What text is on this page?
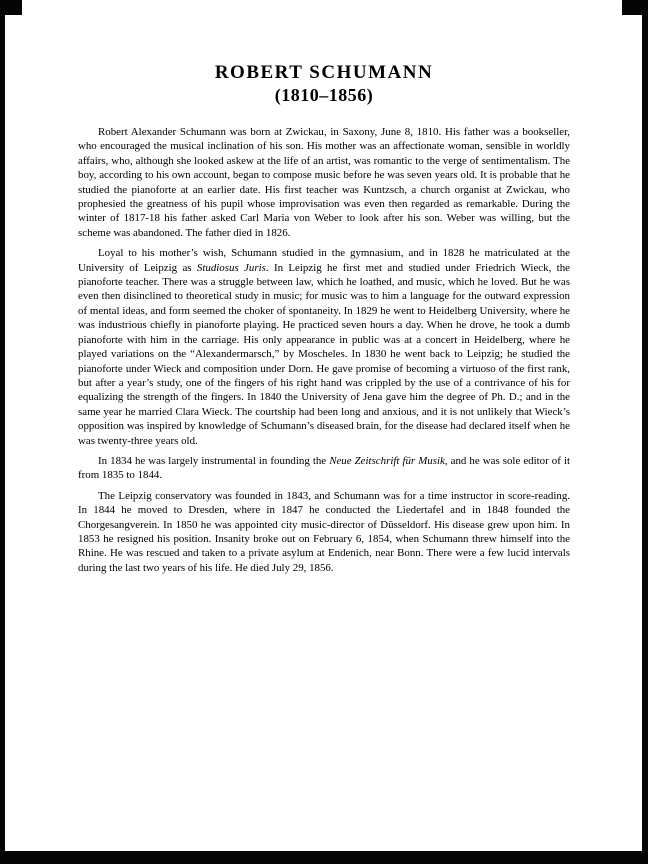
ROBERT SCHUMANN
(1810–1856)

Robert Alexander Schumann was born at Zwickau, in Saxony, June 8, 1810. His father was a bookseller, who encouraged the musical inclination of his son. His mother was an affectionate woman, sensible in worldly affairs, who, although she looked askew at the life of an artist, was romantic to the verge of sentimentalism. The boy, according to his own account, began to compose music before he was seven years old. It is probable that he studied the pianoforte at an earlier date. His first teacher was Kuntzsch, a church organist at Zwickau, who prophesied the greatness of his pupil whose improvisation was even then regarded as remarkable. During the winter of 1817-18 his father asked Carl Maria von Weber to look after his son. Weber was willing, but the scheme was abandoned. The father died in 1826.

Loyal to his mother’s wish, Schumann studied in the gymnasium, and in 1828 he matriculated at the University of Leipzig as Studiosus Juris. In Leipzig he first met and studied under Friedrich Wieck, the pianoforte teacher. There was a struggle between law, which he loathed, and music, which he loved. But he was even then disinclined to theoretical study in music; for music was to him a language for the outward expression of mental ideas, and form seemed the choker of spontaneity. In 1829 he went to Heidelberg University, where he was industrious chiefly in pianoforte playing. He practiced seven hours a day. When he drove, he took a dumb pianoforte with him in the carriage. His only appearance in public was at a concert in Heidelberg, where he played variations on the “Alexandermarsch,” by Moscheles. In 1830 he went back to Leipzig; he studied the pianoforte under Wieck and composition under Dorn. He gave promise of becoming a virtuoso of the first rank, but after a year’s study, one of the fingers of his right hand was crippled by the use of a contrivance of his for equalizing the strength of the fingers. In 1840 the University of Jena gave him the degree of Ph. D.; and in the same year he married Clara Wieck. The courtship had been long and anxious, and it is not unlikely that Wieck’s opposition was inspired by knowledge of Schumann’s diseased brain, for the disease had declared itself when he was twenty-three years old.

In 1834 he was largely instrumental in founding the Neue Zeitschrift für Musik, and he was sole editor of it from 1835 to 1844.

The Leipzig conservatory was founded in 1843, and Schumann was for a time instructor in score-reading. In 1844 he moved to Dresden, where in 1847 he conducted the Liedertafel and in 1848 founded the Chorgesangverein. In 1850 he was appointed city music-director of Düsseldorf. His disease grew upon him. In 1853 he resigned his position. Insanity broke out on February 6, 1854, when Schumann threw himself into the Rhine. He was rescued and taken to a private asylum at Endenich, near Bonn. There were a few lucid intervals during the last two years of his life. He died July 29, 1856.
